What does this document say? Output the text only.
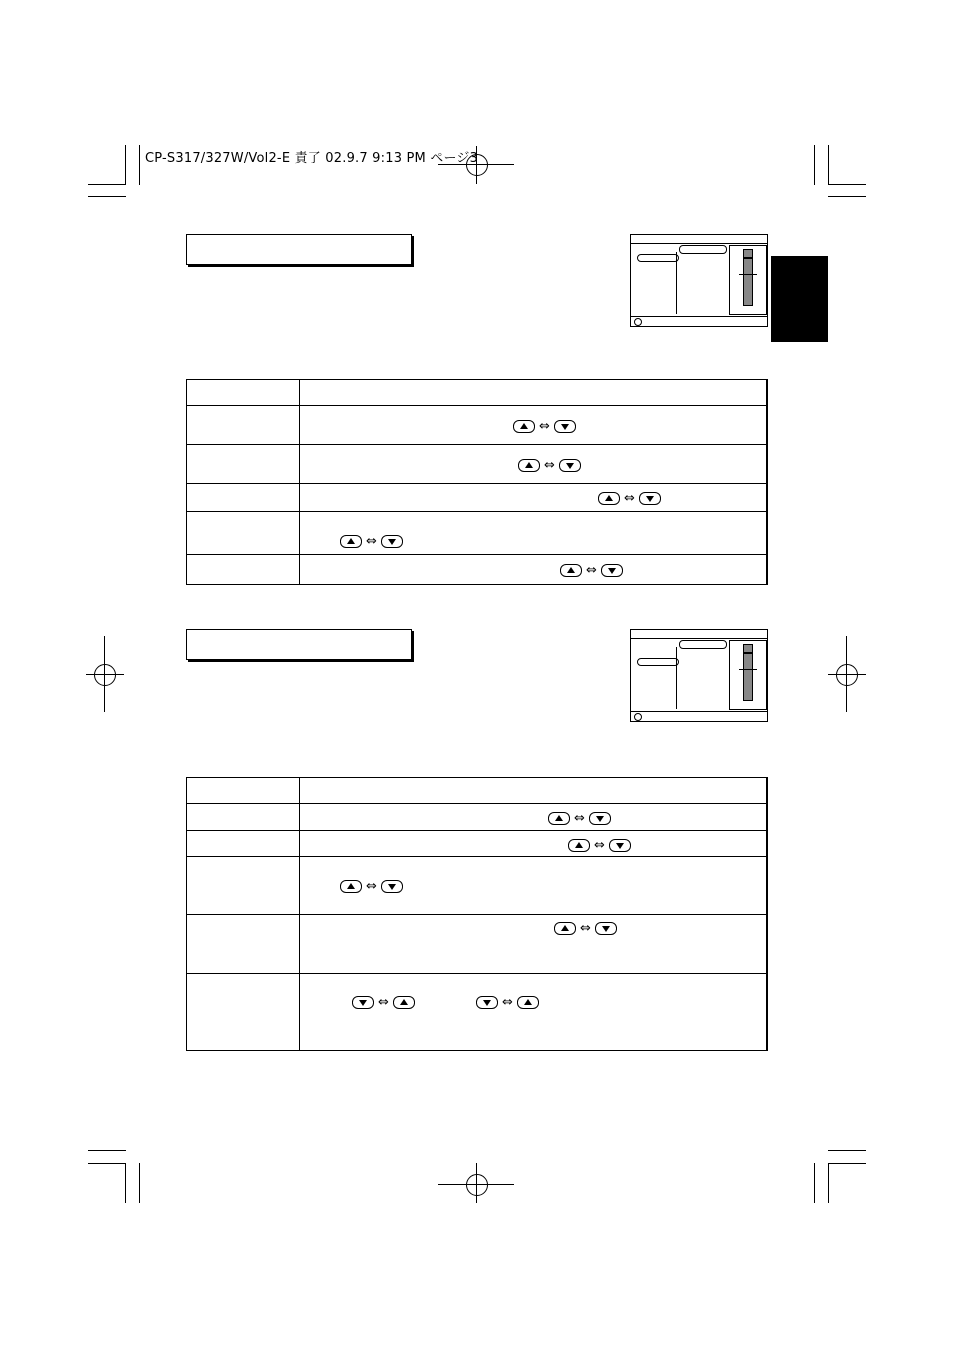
CP-S317/327W/Vol2-E 責了 02.9.7 9:13 PM ページ3

	⇔

	⇔

	⇔

	⇔

	⇔

	⇔

	⇔

	⇔

	⇔

	⇔ ⇔
